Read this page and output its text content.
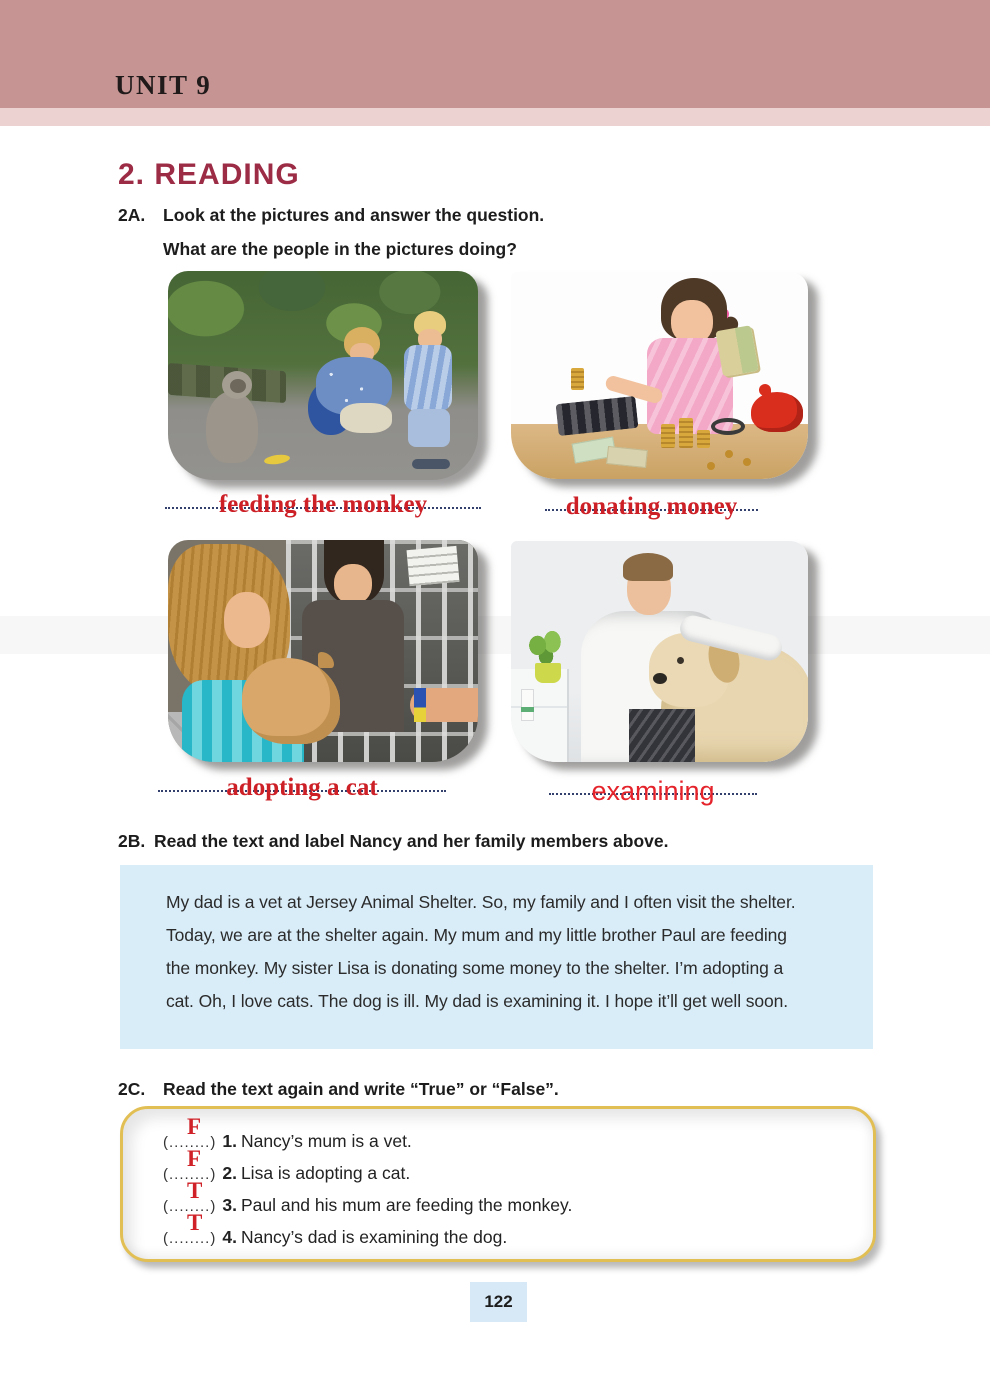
UNIT 9
2. READING
2A. Look at the pictures and answer the question.
What are the people in the pictures doing?
feeding the monkey	donating money
adopting a cat	examining
2B. Read the text and label Nancy and her family members above.
My dad is a vet at Jersey Animal Shelter. So, my family and I often visit the shelter.
Today, we are at the shelter again. My mum and my little brother Paul are feeding
the monkey. My sister Lisa is donating some money to the shelter. I’m adopting a
cat. Oh, I love cats. The dog is ill. My dad is examining it. I hope it’ll get well soon.
2C. Read the text again and write “True” or “False”.
F
(........) 1. Nancy’s mum is a vet.
F
(........) 2. Lisa is adopting a cat.
T
(........) 3. Paul and his mum are feeding the monkey.
T
(........) 4. Nancy’s dad is examining the dog.
122
